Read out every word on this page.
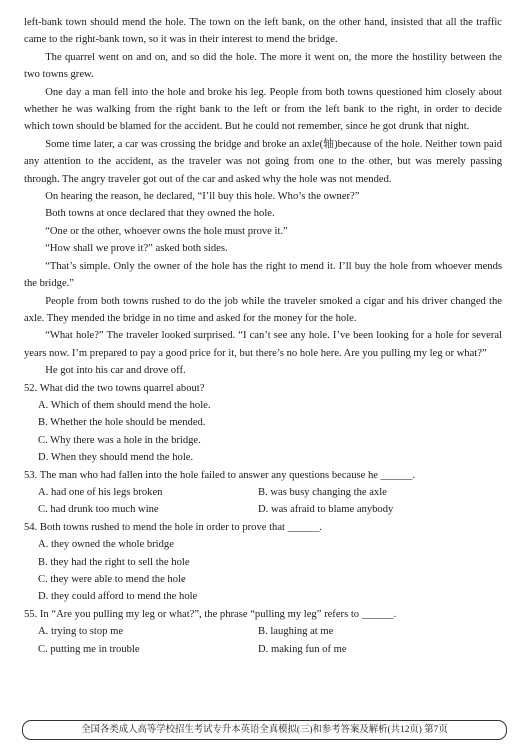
left-bank town should mend the hole. The town on the left bank, on the other hand, insisted that all the traffic came to the right-bank town, so it was in their interest to mend the bridge.

The quarrel went on and on, and so did the hole. The more it went on, the more the hostility between the two towns grew.

One day a man fell into the hole and broke his leg. People from both towns questioned him closely about whether he was walking from the right bank to the left or from the left bank to the right, in order to decide which town should be blamed for the accident. But he could not remember, since he got drunk that night.

Some time later, a car was crossing the bridge and broke an axle(轴)because of the hole. Neither town paid any attention to the accident, as the traveler was not going from one to the other, but was merely passing through. The angry traveler got out of the car and asked why the hole was not mended.

On hearing the reason, he declared, “I’ll buy this hole. Who’s the owner?”

Both towns at once declared that they owned the hole.

“One or the other, whoever owns the hole must prove it.”

“How shall we prove it?” asked both sides.

“That’s simple. Only the owner of the hole has the right to mend it. I’ll buy the hole from whoever mends the bridge.”

People from both towns rushed to do the job while the traveler smoked a cigar and his driver changed the axle. They mended the bridge in no time and asked for the money for the hole.

“What hole?” The traveler looked surprised. “I can’t see any hole. I’ve been looking for a hole for several years now. I’m prepared to pay a good price for it, but there’s no hole here. Are you pulling my leg or what?”

He got into his car and drove off.

52. What did the two towns quarrel about?

A. Which of them should mend the hole.

B. Whether the hole should be mended.

C. Why there was a hole in the bridge.

D. When they should mend the hole.

53. The man who had fallen into the hole failed to answer any questions because he ______.

A. had one of his legs broken	B. was busy changing the axle
C. had drunk too much wine	D. was afraid to blame anybody

54. Both towns rushed to mend the hole in order to prove that ______.

A. they owned the whole bridge

B. they had the right to sell the hole

C. they were able to mend the hole

D. they could afford to mend the hole

55. In “Are you pulling my leg or what?”, the phrase “pulling my leg” refers to ______.

A. trying to stop me	B. laughing at me
C. putting me in trouble	D. making fun of me
全国各类成人高等学校招生考试专升本英语全真模拟(三)和参考答案及解析(共12页) 第7页
